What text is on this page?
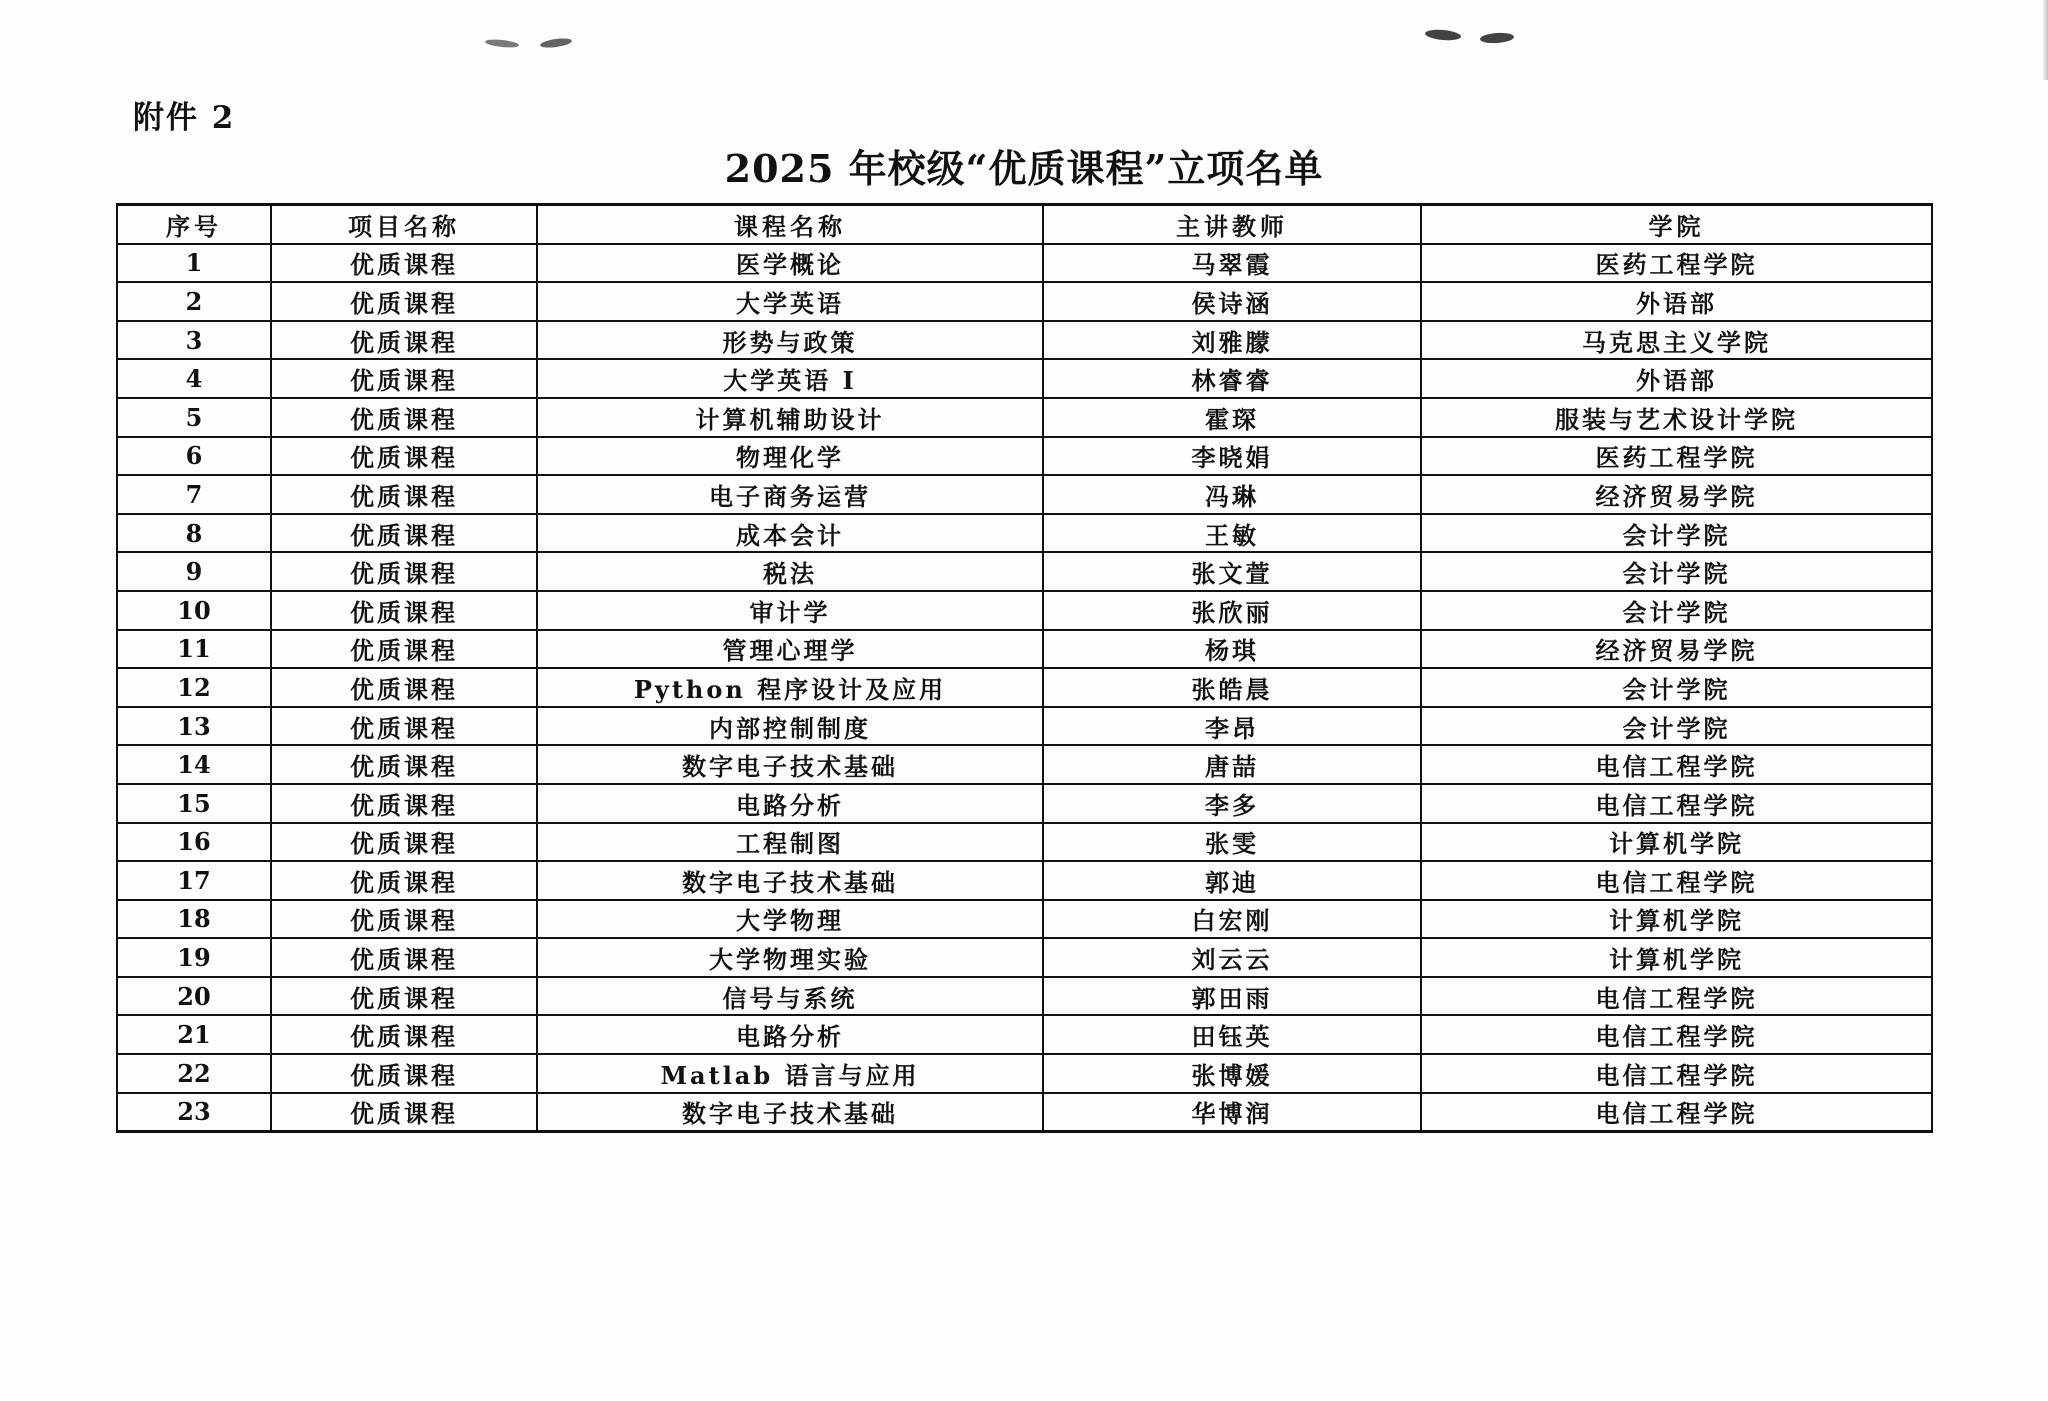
附件 2
2025 年校级“优质课程”立项名单
序号	项目名称	课程名称	主讲教师	学院
1	优质课程	医学概论	马翠霞	医药工程学院
2	优质课程	大学英语	侯诗涵	外语部
3	优质课程	形势与政策	刘雅朦	马克思主义学院
4	优质课程	大学英语 I	林睿睿	外语部
5	优质课程	计算机辅助设计	霍琛	服装与艺术设计学院
6	优质课程	物理化学	李晓娟	医药工程学院
7	优质课程	电子商务运营	冯琳	经济贸易学院
8	优质课程	成本会计	王敏	会计学院
9	优质课程	税法	张文萱	会计学院
10	优质课程	审计学	张欣丽	会计学院
11	优质课程	管理心理学	杨琪	经济贸易学院
12	优质课程	Python 程序设计及应用	张皓晨	会计学院
13	优质课程	内部控制制度	李昂	会计学院
14	优质课程	数字电子技术基础	唐喆	电信工程学院
15	优质课程	电路分析	李多	电信工程学院
16	优质课程	工程制图	张雯	计算机学院
17	优质课程	数字电子技术基础	郭迪	电信工程学院
18	优质课程	大学物理	白宏刚	计算机学院
19	优质课程	大学物理实验	刘云云	计算机学院
20	优质课程	信号与系统	郭田雨	电信工程学院
21	优质课程	电路分析	田钰英	电信工程学院
22	优质课程	Matlab 语言与应用	张博媛	电信工程学院
23	优质课程	数字电子技术基础	华博润	电信工程学院
